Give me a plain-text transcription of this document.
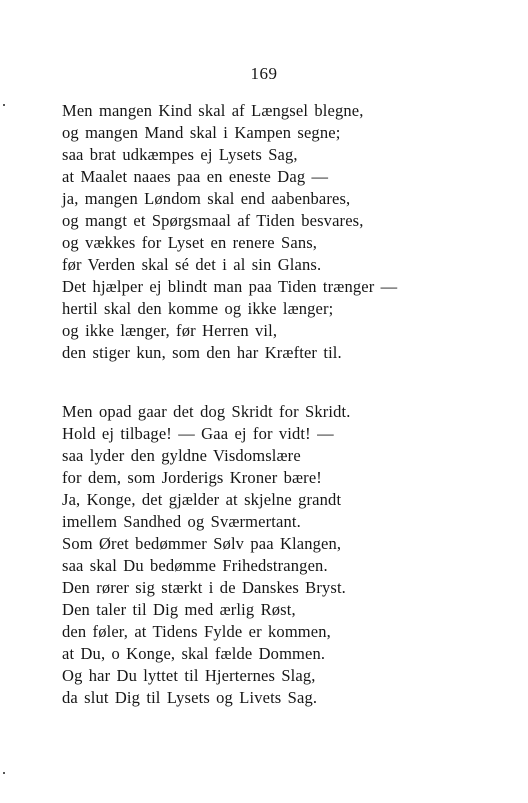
169
Men mangen Kind skal af Længsel blegne,
og mangen Mand skal i Kampen segne;
saa brat udkæmpes ej Lysets Sag,
at Maalet naaes paa en eneste Dag —
ja, mangen Løndom skal end aabenbares,
og mangt et Spørgsmaal af Tiden besvares,
og vækkes for Lyset en renere Sans,
før Verden skal sé det i al sin Glans.
Det hjælper ej blindt man paa Tiden trænger —
hertil skal den komme og ikke længer;
og ikke længer, før Herren vil,
den stiger kun, som den har Kræfter til.
Men opad gaar det dog Skridt for Skridt.
Hold ej tilbage! — Gaa ej for vidt! —
saa lyder den gyldne Visdomslære
for dem, som Jorderigs Kroner bære!
Ja, Konge, det gjælder at skjelne grandt
imellem Sandhed og Sværmertant.
Som Øret bedømmer Sølv paa Klangen,
saa skal Du bedømme Frihedstrangen.
Den rører sig stærkt i de Danskes Bryst.
Den taler til Dig med ærlig Røst,
den føler, at Tidens Fylde er kommen,
at Du, o Konge, skal fælde Dommen.
Og har Du lyttet til Hjerternes Slag,
da slut Dig til Lysets og Livets Sag.
